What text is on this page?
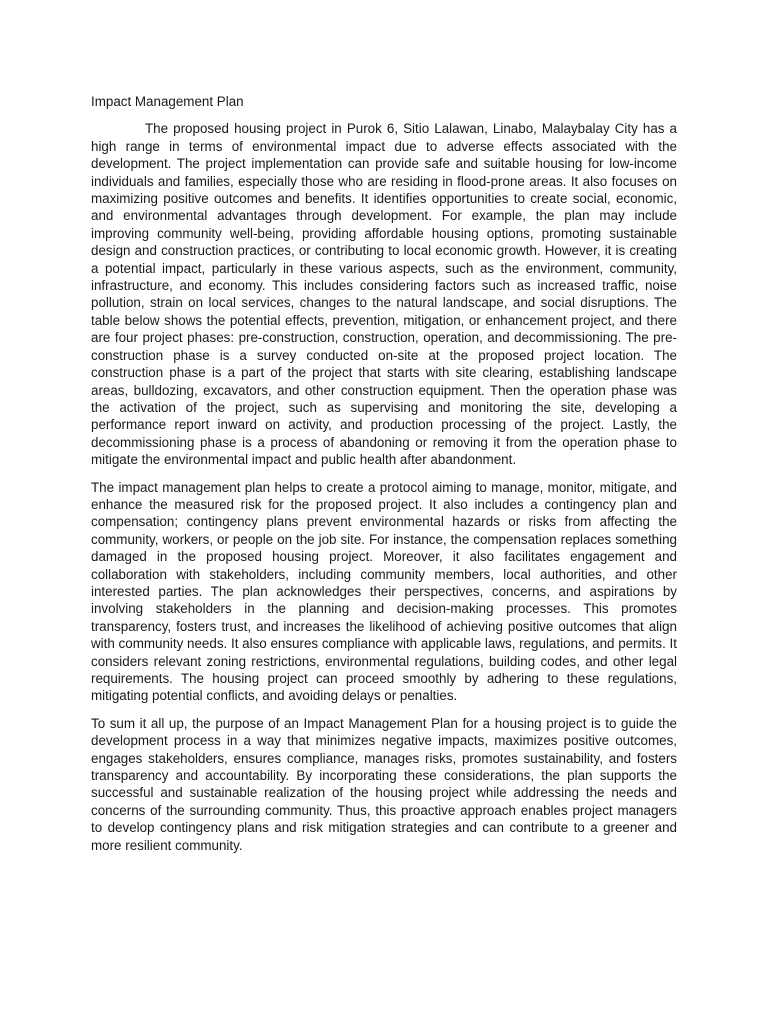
Impact Management Plan

The proposed housing project in Purok 6, Sitio Lalawan, Linabo, Malaybalay City has a high range in terms of environmental impact due to adverse effects associated with the development. The project implementation can provide safe and suitable housing for low-income individuals and families, especially those who are residing in flood-prone areas. It also focuses on maximizing positive outcomes and benefits. It identifies opportunities to create social, economic, and environmental advantages through development. For example, the plan may include improving community well-being, providing affordable housing options, promoting sustainable design and construction practices, or contributing to local economic growth. However, it is creating a potential impact, particularly in these various aspects, such as the environment, community, infrastructure, and economy. This includes considering factors such as increased traffic, noise pollution, strain on local services, changes to the natural landscape, and social disruptions. The table below shows the potential effects, prevention, mitigation, or enhancement project, and there are four project phases: pre-construction, construction, operation, and decommissioning. The pre-construction phase is a survey conducted on-site at the proposed project location. The construction phase is a part of the project that starts with site clearing, establishing landscape areas, bulldozing, excavators, and other construction equipment. Then the operation phase was the activation of the project, such as supervising and monitoring the site, developing a performance report inward on activity, and production processing of the project. Lastly, the decommissioning phase is a process of abandoning or removing it from the operation phase to mitigate the environmental impact and public health after abandonment.

The impact management plan helps to create a protocol aiming to manage, monitor, mitigate, and enhance the measured risk for the proposed project. It also includes a contingency plan and compensation; contingency plans prevent environmental hazards or risks from affecting the community, workers, or people on the job site. For instance, the compensation replaces something damaged in the proposed housing project. Moreover, it also facilitates engagement and collaboration with stakeholders, including community members, local authorities, and other interested parties. The plan acknowledges their perspectives, concerns, and aspirations by involving stakeholders in the planning and decision-making processes. This promotes transparency, fosters trust, and increases the likelihood of achieving positive outcomes that align with community needs. It also ensures compliance with applicable laws, regulations, and permits. It considers relevant zoning restrictions, environmental regulations, building codes, and other legal requirements. The housing project can proceed smoothly by adhering to these regulations, mitigating potential conflicts, and avoiding delays or penalties.

To sum it all up, the purpose of an Impact Management Plan for a housing project is to guide the development process in a way that minimizes negative impacts, maximizes positive outcomes, engages stakeholders, ensures compliance, manages risks, promotes sustainability, and fosters transparency and accountability. By incorporating these considerations, the plan supports the successful and sustainable realization of the housing project while addressing the needs and concerns of the surrounding community. Thus, this proactive approach enables project managers to develop contingency plans and risk mitigation strategies and can contribute to a greener and more resilient community.
